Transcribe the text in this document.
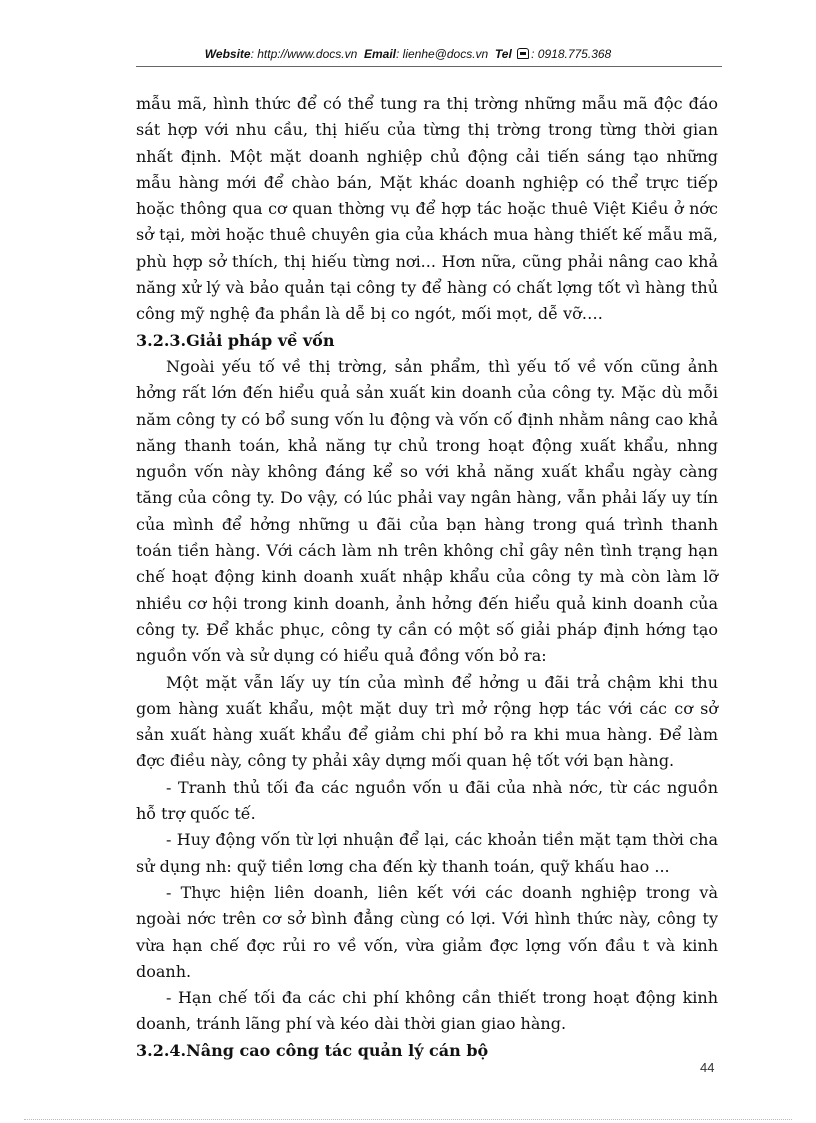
Website: http://www.docs.vn Email: lienhe@docs.vn Tel : 0918.775.368

mẫu mã, hình thức để có thể tung ra thị trờng những mẫu mã độc đáo sát hợp với nhu cầu, thị hiếu của từng thị trờng trong từng thời gian nhất định. Một mặt doanh nghiệp chủ động cải tiến sáng tạo những mẫu hàng mới để chào bán, Mặt khác doanh nghiệp có thể trực tiếp hoặc thông qua cơ quan thờng vụ để hợp tác hoặc thuê Việt Kiều ở nớc sở tại, mời hoặc thuê chuyên gia của khách mua hàng thiết kế mẫu mã, phù hợp sở thích, thị hiếu từng nơi... Hơn nữa, cũng phải nâng cao khả năng xử lý và bảo quản tại công ty để hàng có chất lợng tốt vì hàng thủ công mỹ nghệ đa phần là dễ bị co ngót, mối mọt, dễ vỡ….

3.2.3.Giải pháp về vốn

Ngoài yếu tố về thị trờng, sản phẩm, thì yếu tố về vốn cũng ảnh hởng rất lớn đến hiểu quả sản xuất kin doanh của công ty. Mặc dù mỗi năm công ty có bổ sung vốn lu động và vốn cố định nhằm nâng cao khả năng thanh toán, khả năng tự chủ trong hoạt động xuất khẩu, nhng nguồn vốn này không đáng kể so với khả năng xuất khẩu ngày càng tăng của công ty. Do vậy, có lúc phải vay ngân hàng, vẫn phải lấy uy tín của mình để hởng những u đãi của bạn hàng trong quá trình thanh toán tiền hàng. Với cách làm nh trên không chỉ gây nên tình trạng hạn chế hoạt động kinh doanh xuất nhập khẩu của công ty mà còn làm lỡ nhiều cơ hội trong kinh doanh, ảnh hởng đến hiểu quả kinh doanh của công ty. Để khắc phục, công ty cần có một số giải pháp định hớng tạo nguồn vốn và sử dụng có hiểu quả đồng vốn bỏ ra:

Một mặt vẫn lấy uy tín của mình để hởng u đãi trả chậm khi thu gom hàng xuất khẩu, một mặt duy trì mở rộng hợp tác với các cơ sở sản xuất hàng xuất khẩu để giảm chi phí bỏ ra khi mua hàng. Để làm đợc điều này, công ty phải xây dựng mối quan hệ tốt với bạn hàng.

- Tranh thủ tối đa các nguồn vốn u đãi của nhà nớc, từ các nguồn hỗ trợ quốc tế.

- Huy động vốn từ lợi nhuận để lại, các khoản tiền mặt tạm thời cha sử dụng nh: quỹ tiền lơng cha đến kỳ thanh toán, quỹ khấu hao ...

- Thực hiện liên doanh, liên kết với các doanh nghiệp trong và ngoài nớc trên cơ sở bình đẳng cùng có lợi. Với hình thức này, công ty vừa hạn chế đợc rủi ro về vốn, vừa giảm đợc lợng vốn đầu t và kinh doanh.

- Hạn chế tối đa các chi phí không cần thiết trong hoạt động kinh doanh, tránh lãng phí và kéo dài thời gian giao hàng.

3.2.4.Nâng cao công tác quản lý cán bộ
44
